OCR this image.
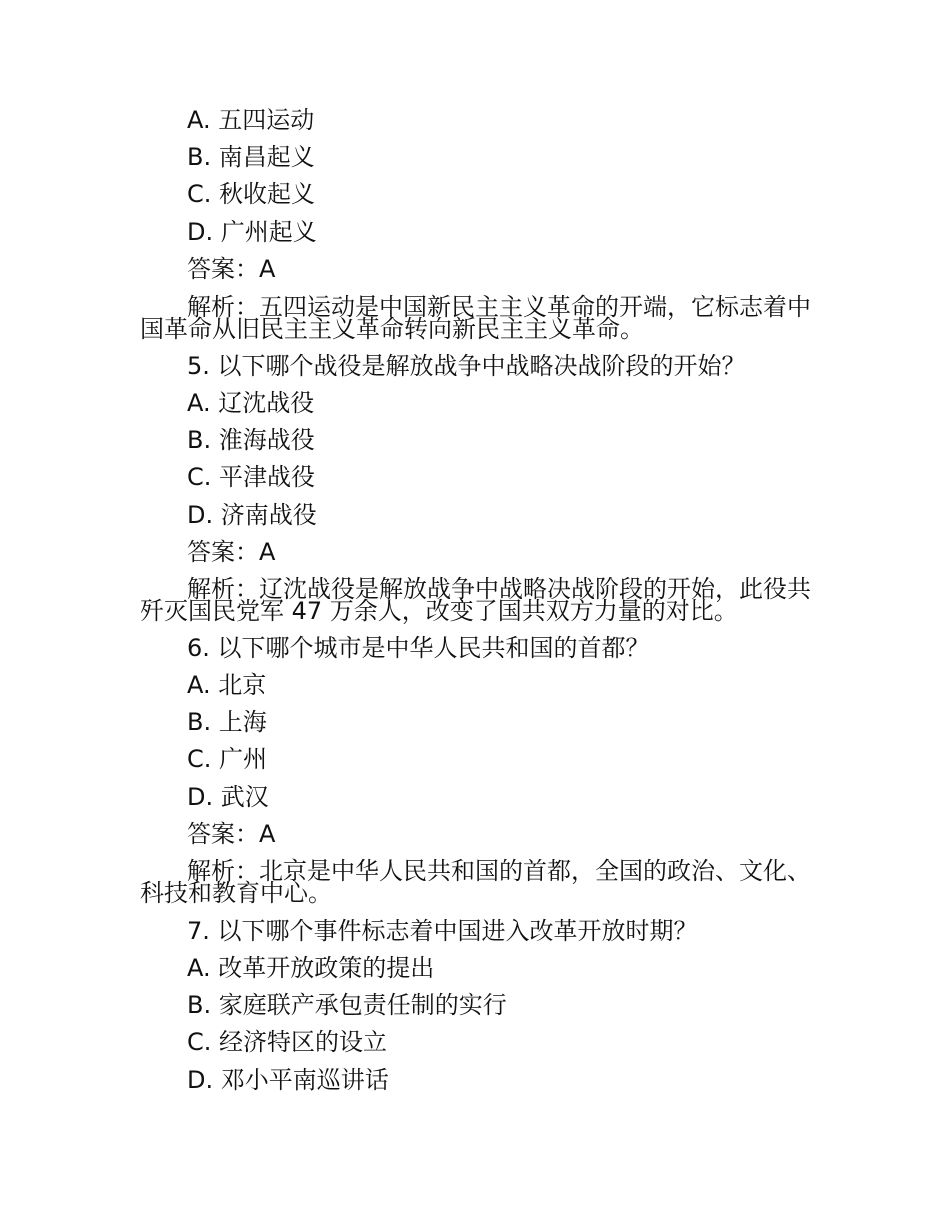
A. 五四运动
B. 南昌起义
C. 秋收起义
D. 广州起义
答案：A
解析：五四运动是中国新民主主义革命的开端，它标志着中国革命从旧民主主义革命转向新民主主义革命。
5. 以下哪个战役是解放战争中战略决战阶段的开始？
A. 辽沈战役
B. 淮海战役
C. 平津战役
D. 济南战役
答案：A
解析：辽沈战役是解放战争中战略决战阶段的开始，此役共歼灭国民党军 47 万余人，改变了国共双方力量的对比。
6. 以下哪个城市是中华人民共和国的首都？
A. 北京
B. 上海
C. 广州
D. 武汉
答案：A
解析：北京是中华人民共和国的首都，全国的政治、文化、科技和教育中心。
7. 以下哪个事件标志着中国进入改革开放时期？
A. 改革开放政策的提出
B. 家庭联产承包责任制的实行
C. 经济特区的设立
D. 邓小平南巡讲话
